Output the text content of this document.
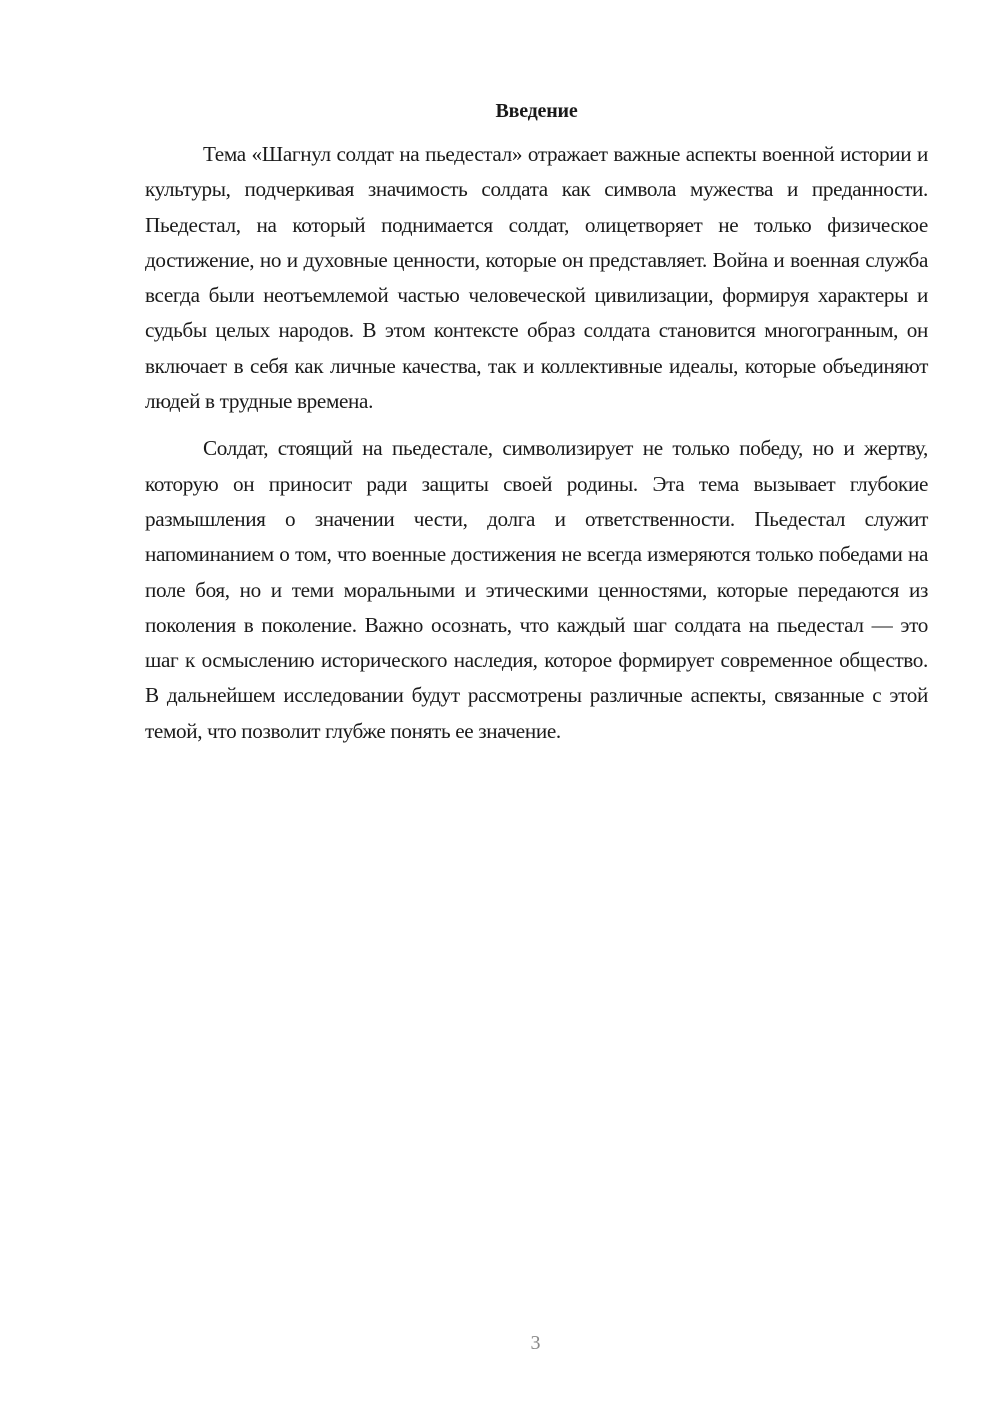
Введение

Тема «Шагнул солдат на пьедестал» отражает важные аспекты военной истории и культуры, подчеркивая значимость солдата как символа мужества и преданности. Пьедестал, на который поднимается солдат, олицетворяет не только физическое достижение, но и духовные ценности, которые он представляет. Война и военная служба всегда были неотъемлемой частью человеческой цивилизации, формируя характеры и судьбы целых народов. В этом контексте образ солдата становится многогранным, он включает в себя как личные качества, так и коллективные идеалы, которые объединяют людей в трудные времена.

Солдат, стоящий на пьедестале, символизирует не только победу, но и жертву, которую он приносит ради защиты своей родины. Эта тема вызывает глубокие размышления о значении чести, долга и ответственности. Пьедестал служит напоминанием о том, что военные достижения не всегда измеряются только победами на поле боя, но и теми моральными и этическими ценностями, которые передаются из поколения в поколение. Важно осознать, что каждый шаг солдата на пьедестал — это шаг к осмыслению исторического наследия, которое формирует современное общество. В дальнейшем исследовании будут рассмотрены различные аспекты, связанные с этой темой, что позволит глубже понять ее значение.

3
